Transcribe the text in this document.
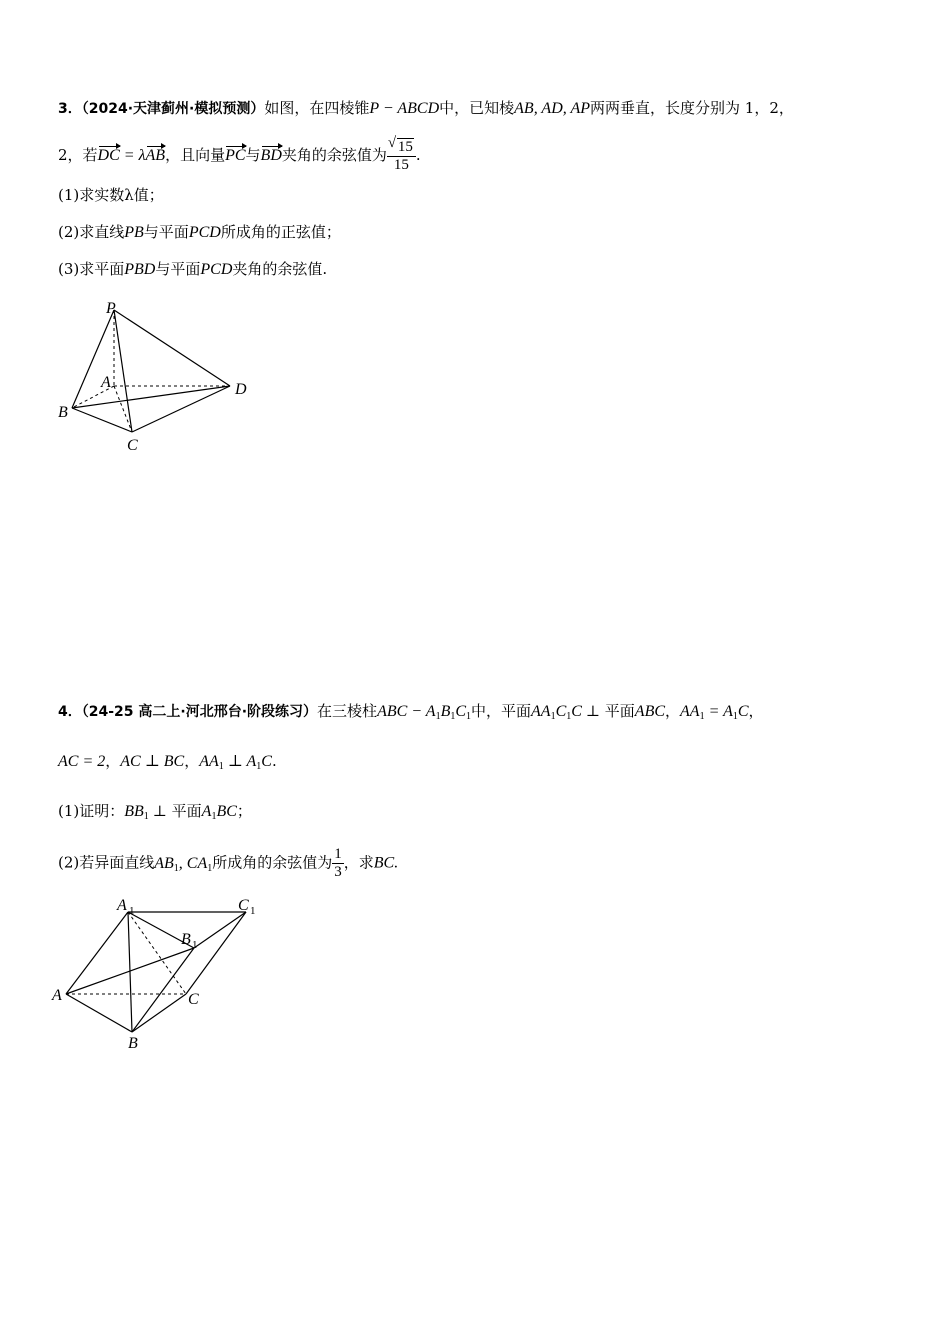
3．（2024·天津蓟州·模拟预测）如图，在四棱锥P − ABCD中，已知棱AB, AD, AP两两垂直，长度分别为 1，2，
2，若DC = λAB，且向量PC与BD夹角的余弦值为
√ $\frac{15}{15}$ .
(1)求实数λ值；
(2)求直线PB与平面PCD所成角的正弦值；
(3)求平面PBD与平面PCD夹角的余弦值.
P
A
B
C
D
4．（24-25 高二上·河北邢台·阶段练习）在三棱柱ABC − $A_1B_1C_1$中，平面$AA_1C_1C$ ⊥ 平面ABC，$AA_1 = A_1C$，
AC = 2，AC ⊥ BC，$AA_1$ ⊥ $A_1C$.
(1)证明：$BB_1$ ⊥ 平面$A_1BC$；
(2)若异面直线$AB_1$, $CA_1$所成角的余弦值为 $\frac{1}{3}$ ，求BC.
A 1	C 1
B 1
A	C
B
